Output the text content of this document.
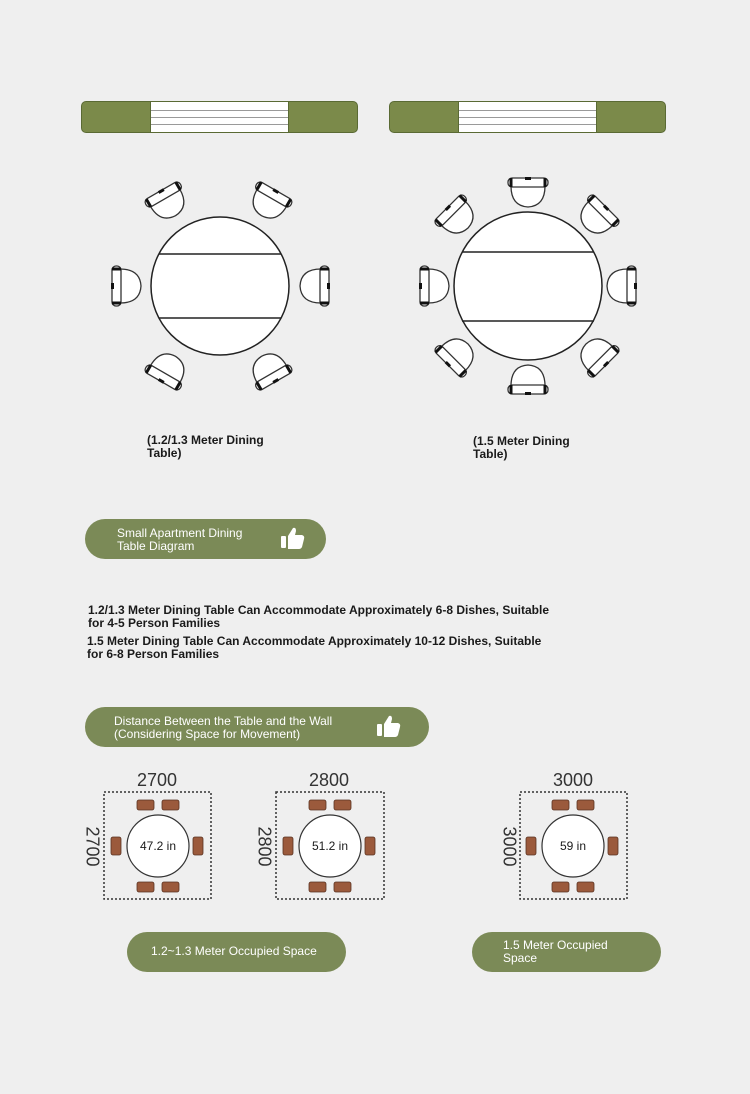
(1.2/1.3 Meter Dining Table)
(1.5 Meter Dining Table)
Small Apartment Dining Table Diagram
1.2/1.3 Meter Dining Table Can Accommodate Approximately 6-8 Dishes, Suitable for 4-5 Person Families
1.5 Meter Dining Table Can Accommodate Approximately 10-12 Dishes, Suitable for 6-8 Person Families
Distance Between the Table and the Wall (Considering Space for Movement)
2700
2700	47.2 in
2800
2800	51.2 in
3000
3000	59 in
1.2~1.3 Meter Occupied Space	1.5 Meter Occupied Space
